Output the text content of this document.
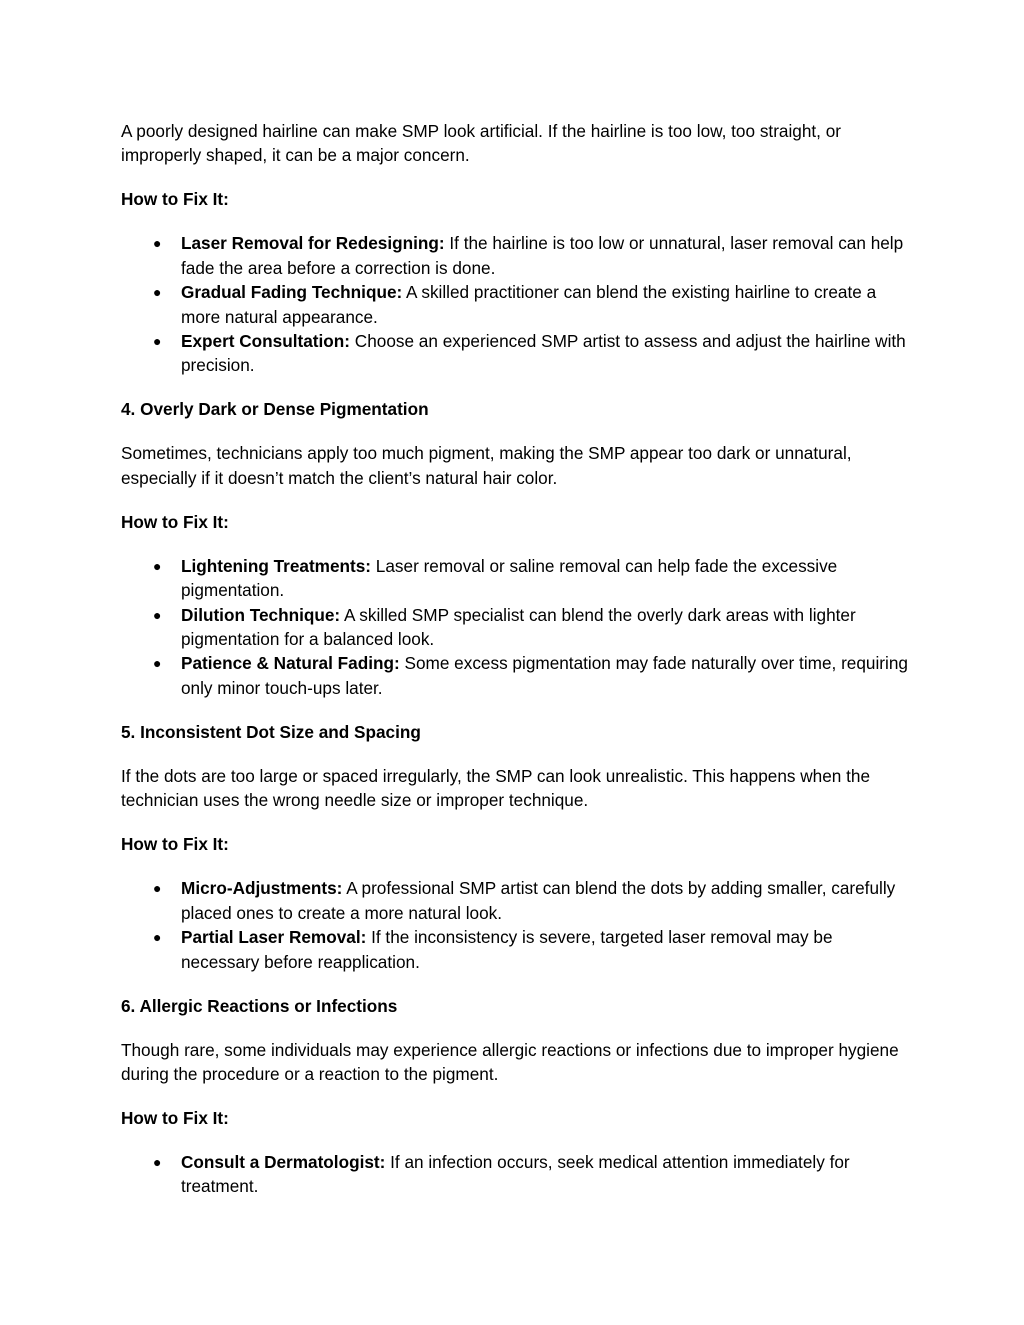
A poorly designed hairline can make SMP look artificial. If the hairline is too low, too straight, or improperly shaped, it can be a major concern.

How to Fix It:

● Laser Removal for Redesigning: If the hairline is too low or unnatural, laser removal can help fade the area before a correction is done.
● Gradual Fading Technique: A skilled practitioner can blend the existing hairline to create a more natural appearance.
● Expert Consultation: Choose an experienced SMP artist to assess and adjust the hairline with precision.

4. Overly Dark or Dense Pigmentation

Sometimes, technicians apply too much pigment, making the SMP appear too dark or unnatural, especially if it doesn’t match the client’s natural hair color.

How to Fix It:

● Lightening Treatments: Laser removal or saline removal can help fade the excessive pigmentation.
● Dilution Technique: A skilled SMP specialist can blend the overly dark areas with lighter pigmentation for a balanced look.
● Patience & Natural Fading: Some excess pigmentation may fade naturally over time, requiring only minor touch-ups later.

5. Inconsistent Dot Size and Spacing

If the dots are too large or spaced irregularly, the SMP can look unrealistic. This happens when the technician uses the wrong needle size or improper technique.

How to Fix It:

● Micro-Adjustments: A professional SMP artist can blend the dots by adding smaller, carefully placed ones to create a more natural look.
● Partial Laser Removal: If the inconsistency is severe, targeted laser removal may be necessary before reapplication.

6. Allergic Reactions or Infections

Though rare, some individuals may experience allergic reactions or infections due to improper hygiene during the procedure or a reaction to the pigment.

How to Fix It:

● Consult a Dermatologist: If an infection occurs, seek medical attention immediately for treatment.
